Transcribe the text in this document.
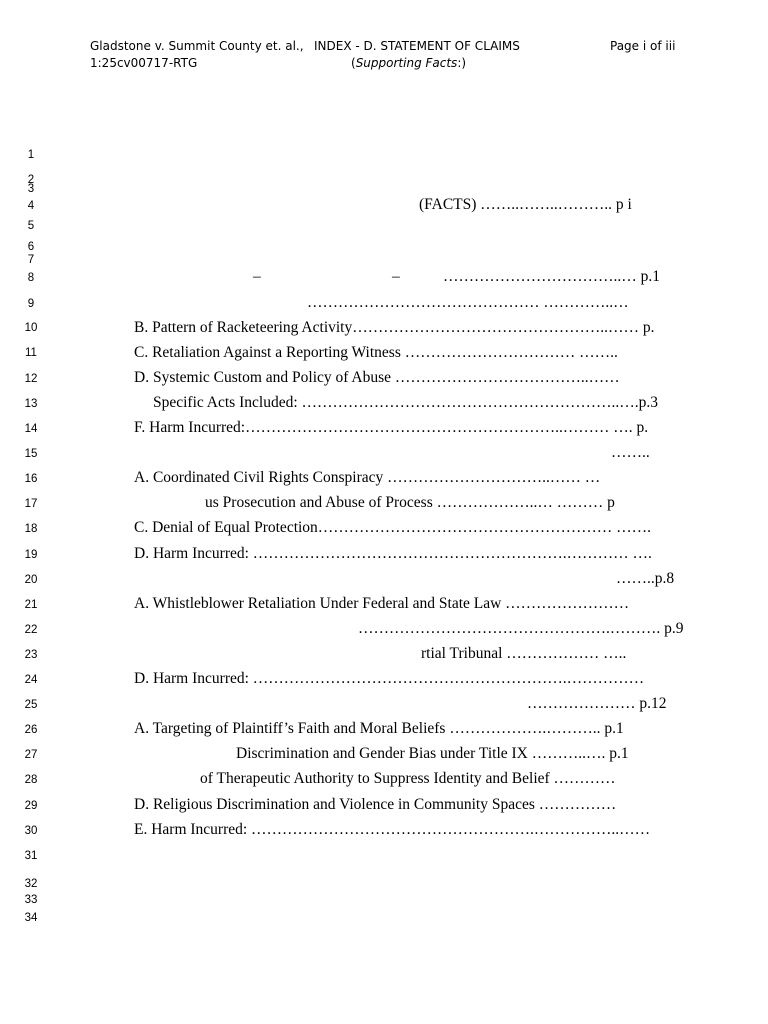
Gladstone v. Summit County et. al.,
1:25cv00717-RTG
INDEX - D. STATEMENT OF CLAIMS
(Supporting Facts:)
Page i of iii
1
2
3
4
5
6
7
8
9
10
11
12
13
14
15
16
17
18
19
20
21
22
23
24
25
26
27
28
29
30
31
32
33
34
(FACTS) ……..……..……….. p i
–	–	……………………………..… p.1
……………………………………… …………..…
B. Pattern of Racketeering Activity…………………………………………..…… p.
C. Retaliation Against a Reporting Witness …………………………… ……..
D. Systemic Custom and Policy of Abuse ………………………………..……
Specific Acts Included: ……………………………………………………..….p.3
F. Harm Incurred:……………………………………………………..……… …. p.
……..
A. Coordinated Civil Rights Conspiracy …………………………..…… …
us Prosecution and Abuse of Process ………………..… ……… p
C. Denial of Equal Protection………………………………………………… …….
D. Harm Incurred: …………………………………………………….………… ….
……..p.8
A. Whistleblower Retaliation Under Federal and State Law ……………………
………………………………………….………. p.9
rtial Tribunal ……………… …..
D. Harm Incurred: …………………………………………………….……………
………………… p.12
A. Targeting of Plaintiff’s Faith and Moral Beliefs ……………….……….. p.1
Discrimination and Gender Bias under Title IX ………..…. p.1
of Therapeutic Authority to Suppress Identity and Belief …………
D. Religious Discrimination and Violence in Community Spaces ……………
E. Harm Incurred: ……………………………………………….……………..……
